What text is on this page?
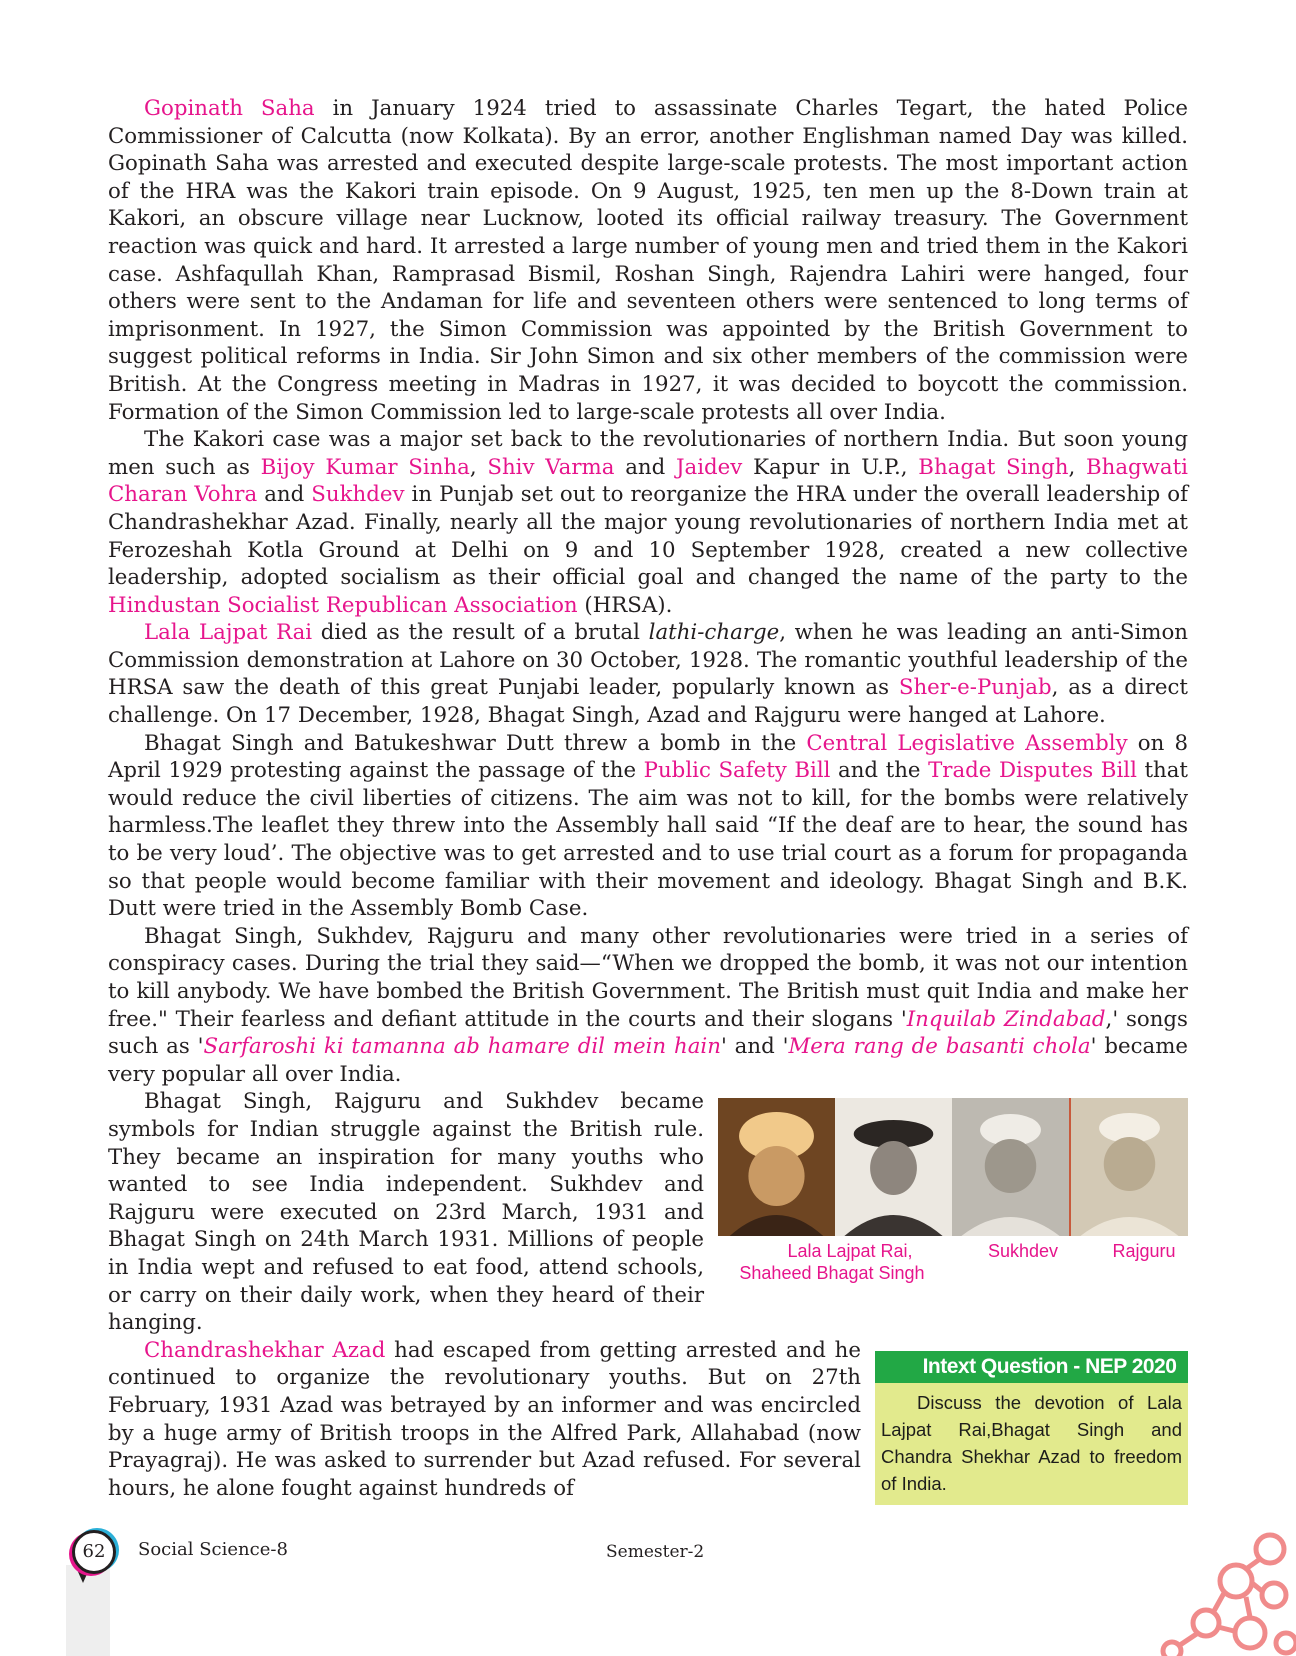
Gopinath Saha in January 1924 tried to assassinate Charles Tegart, the hated Police Commissioner of Calcutta (now Kolkata). By an error, another Englishman named Day was killed. Gopinath Saha was arrested and executed despite large-scale protests. The most important action of the HRA was the Kakori train episode. On 9 August, 1925, ten men up the 8-Down train at Kakori, an obscure village near Lucknow, looted its official railway treasury. The Government reaction was quick and hard. It arrested a large number of young men and tried them in the Kakori case. Ashfaqullah Khan, Ramprasad Bismil, Roshan Singh, Rajendra Lahiri were hanged, four others were sent to the Andaman for life and seventeen others were sentenced to long terms of imprisonment. In 1927, the Simon Commission was appointed by the British Government to suggest political reforms in India. Sir John Simon and six other members of the commission were British. At the Congress meeting in Madras in 1927, it was decided to boycott the commission. Formation of the Simon Commission led to large-scale protests all over India.

The Kakori case was a major set back to the revolutionaries of northern India. But soon young men such as Bijoy Kumar Sinha, Shiv Varma and Jaidev Kapur in U.P., Bhagat Singh, Bhagwati Charan Vohra and Sukhdev in Punjab set out to reorganize the HRA under the overall leadership of Chandrashekhar Azad. Finally, nearly all the major young revolutionaries of northern India met at Ferozeshah Kotla Ground at Delhi on 9 and 10 September 1928, created a new collective leadership, adopted socialism as their official goal and changed the name of the party to the Hindustan Socialist Republican Association (HRSA).

Lala Lajpat Rai died as the result of a brutal lathi-charge, when he was leading an anti-Simon Commission demonstration at Lahore on 30 October, 1928. The romantic youthful leadership of the HRSA saw the death of this great Punjabi leader, popularly known as Sher-e-Punjab, as a direct challenge. On 17 December, 1928, Bhagat Singh, Azad and Rajguru were hanged at Lahore.

Bhagat Singh and Batukeshwar Dutt threw a bomb in the Central Legislative Assembly on 8 April 1929 protesting against the passage of the Public Safety Bill and the Trade Disputes Bill that would reduce the civil liberties of citizens. The aim was not to kill, for the bombs were relatively harmless.The leaflet they threw into the Assembly hall said “If the deaf are to hear, the sound has to be very loud’. The objective was to get arrested and to use trial court as a forum for propaganda so that people would become familiar with their movement and ideology. Bhagat Singh and B.K. Dutt were tried in the Assembly Bomb Case.

Bhagat Singh, Sukhdev, Rajguru and many other revolutionaries were tried in a series of conspiracy cases. During the trial they said—“When we dropped the bomb, it was not our intention to kill anybody. We have bombed the British Government. The British must quit India and make her free." Their fearless and defiant attitude in the courts and their slogans 'Inquilab Zindabad,' songs such as 'Sarfaroshi ki tamanna ab hamare dil mein hain' and 'Mera rang de basanti chola' became very popular all over India.

Lala Lajpat Rai, Shaheed Bhagat Singh
Sukhdev	Rajguru
Bhagat Singh, Rajguru and Sukhdev became symbols for Indian struggle against the British rule. They became an inspiration for many youths who wanted to see India independent. Sukhdev and Rajguru were executed on 23rd March, 1931 and Bhagat Singh on 24th March 1931. Millions of people in India wept and refused to eat food, attend schools, or carry on their daily work, when they heard of their hanging.

Intext Question - NEP 2020
Discuss the devotion of Lala Lajpat Rai,Bhagat Singh and Chandra Shekhar Azad to freedom of India.
Chandrashekhar Azad had escaped from getting arrested and he continued to organize the revolutionary youths. But on 27th February, 1931 Azad was betrayed by an informer and was encircled by a huge army of British troops in the Alfred Park, Allahabad (now Prayagraj). He was asked to surrender but Azad refused. For several hours, he alone fought against hundreds of

62	Social Science-8	Semester-2
